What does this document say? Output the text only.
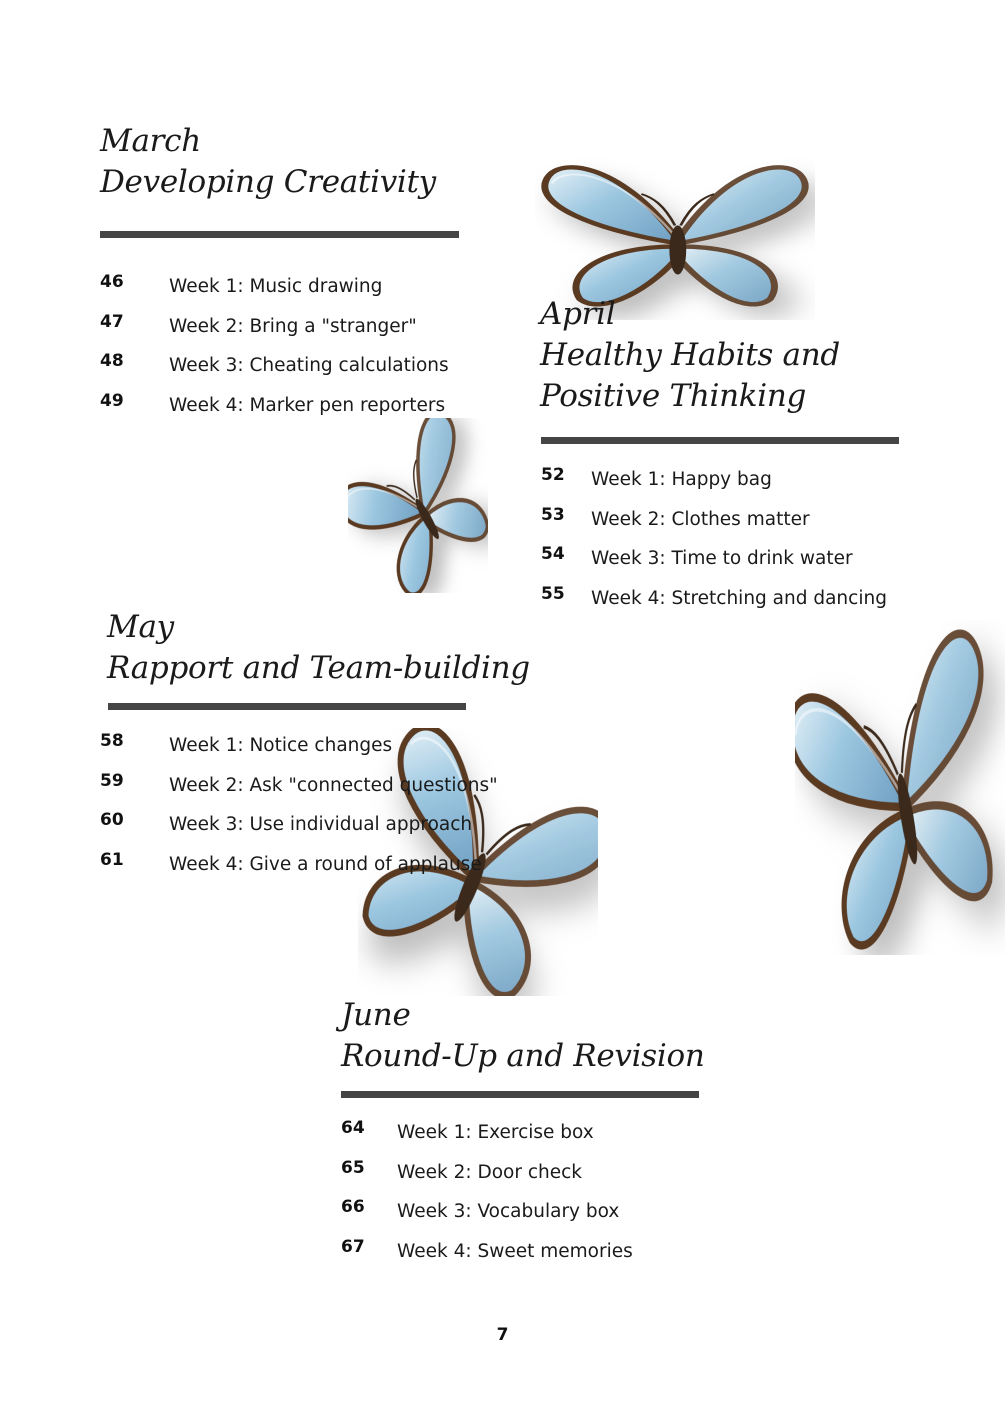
March
Developing Creativity
46 Week 1: Music drawing
47 Week 2: Bring a "stranger"
48 Week 3: Cheating calculations
49 Week 4: Marker pen reporters
April
Healthy Habits and
Positive Thinking
52 Week 1: Happy bag
53 Week 2: Clothes matter
54 Week 3: Time to drink water
55 Week 4: Stretching and dancing
May
Rapport and Team-building
58 Week 1: Notice changes
59 Week 2: Ask "connected questions"
60 Week 3: Use individual approach
61 Week 4: Give a round of applause
June
Round-Up and Revision
64 Week 1: Exercise box
65 Week 2: Door check
66 Week 3: Vocabulary box
67 Week 4: Sweet memories
7
